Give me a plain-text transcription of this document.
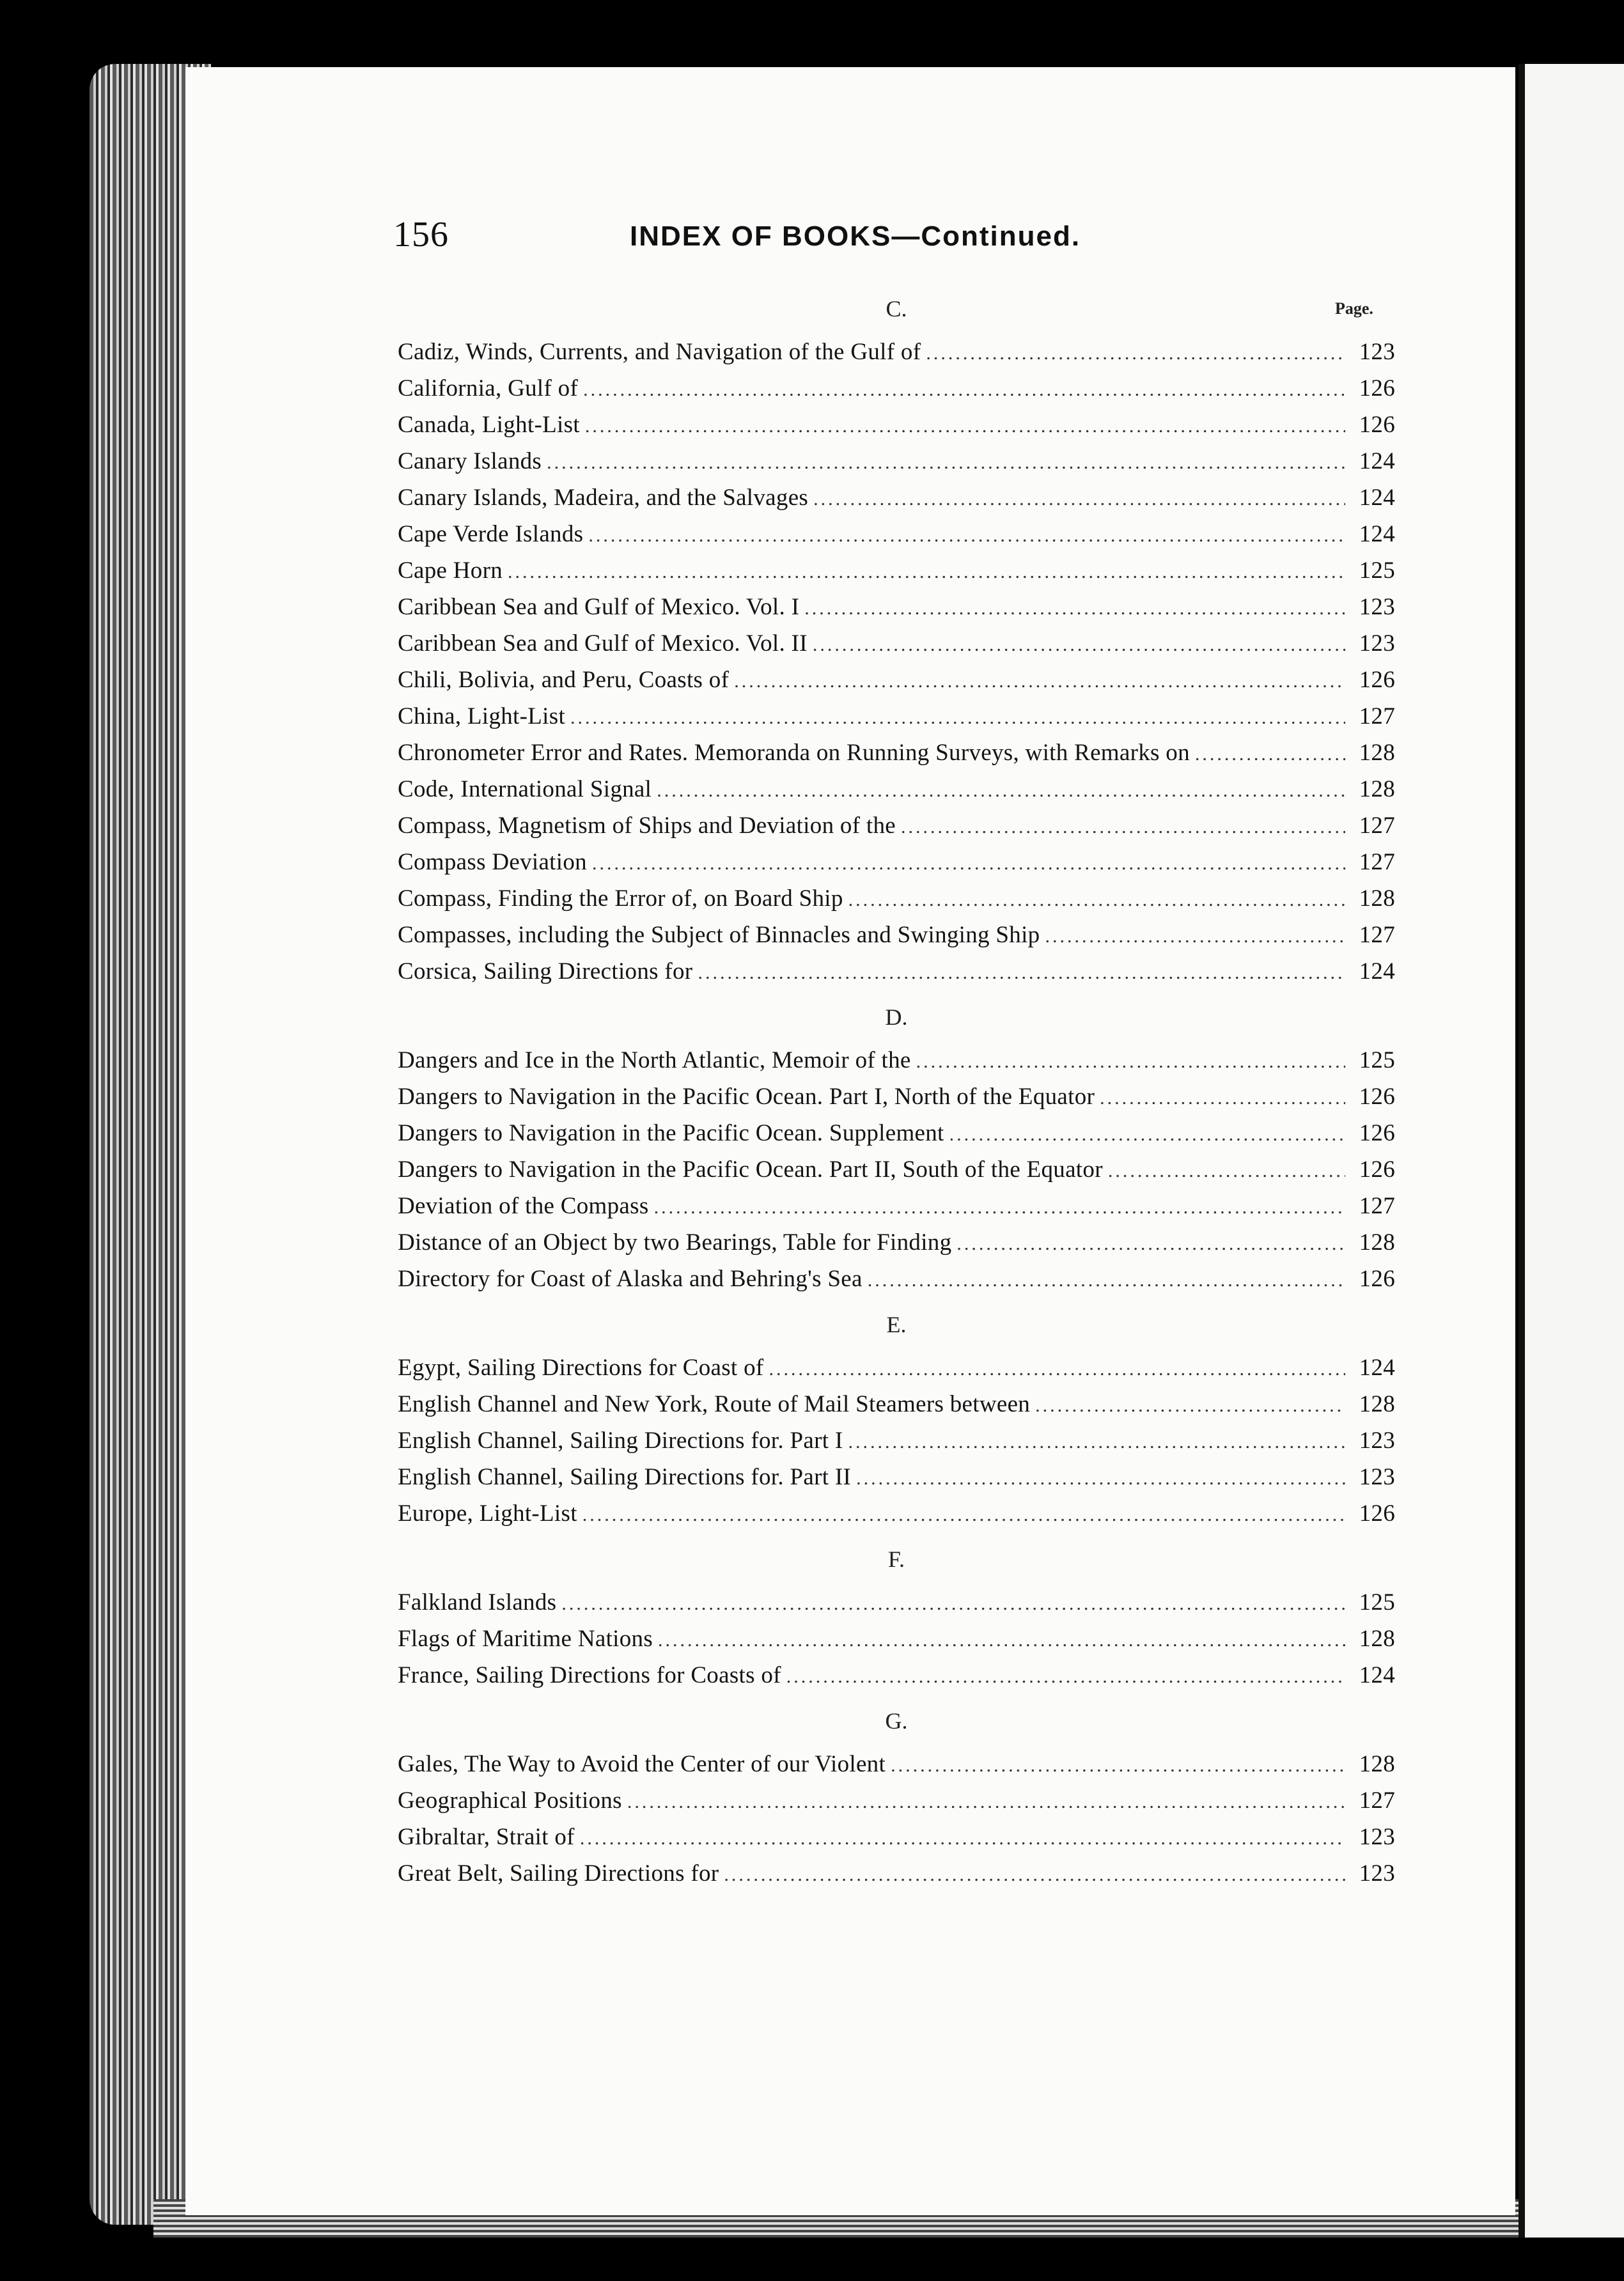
156	INDEX OF BOOKS—Continued.
Page.
C.
Cadiz, Winds, Currents, and Navigation of the Gulf of .....	123
California, Gulf of .....	126
Canada, Light-List .....	126
Canary Islands .....	124
Canary Islands, Madeira, and the Salvages .....	124
Cape Verde Islands .....	124
Cape Horn .....	125
Caribbean Sea and Gulf of Mexico. Vol. I .....	123
Caribbean Sea and Gulf of Mexico. Vol. II .....	123
Chili, Bolivia, and Peru, Coasts of .....	126
China, Light-List .....	127
Chronometer Error and Rates. Memoranda on Running Surveys, with Remarks on .....	128
Code, International Signal .....	128
Compass, Magnetism of Ships and Deviation of the .....	127
Compass Deviation .....	127
Compass, Finding the Error of, on Board Ship .....	128
Compasses, including the Subject of Binnacles and Swinging Ship .....	127
Corsica, Sailing Directions for .....	124
D.
Dangers and Ice in the North Atlantic, Memoir of the .....	125
Dangers to Navigation in the Pacific Ocean. Part I, North of the Equator .....	126
Dangers to Navigation in the Pacific Ocean. Supplement .....	126
Dangers to Navigation in the Pacific Ocean. Part II, South of the Equator .....	126
Deviation of the Compass .....	127
Distance of an Object by two Bearings, Table for Finding .....	128
Directory for Coast of Alaska and Behring's Sea .....	126
E.
Egypt, Sailing Directions for Coast of .....	124
English Channel and New York, Route of Mail Steamers between .....	128
English Channel, Sailing Directions for. Part I .....	123
English Channel, Sailing Directions for. Part II .....	123
Europe, Light-List .....	126
F.
Falkland Islands .....	125
Flags of Maritime Nations .....	128
France, Sailing Directions for Coasts of .....	124
G.
Gales, The Way to Avoid the Center of our Violent .....	128
Geographical Positions .....	127
Gibraltar, Strait of .....	123
Great Belt, Sailing Directions for .....	123
